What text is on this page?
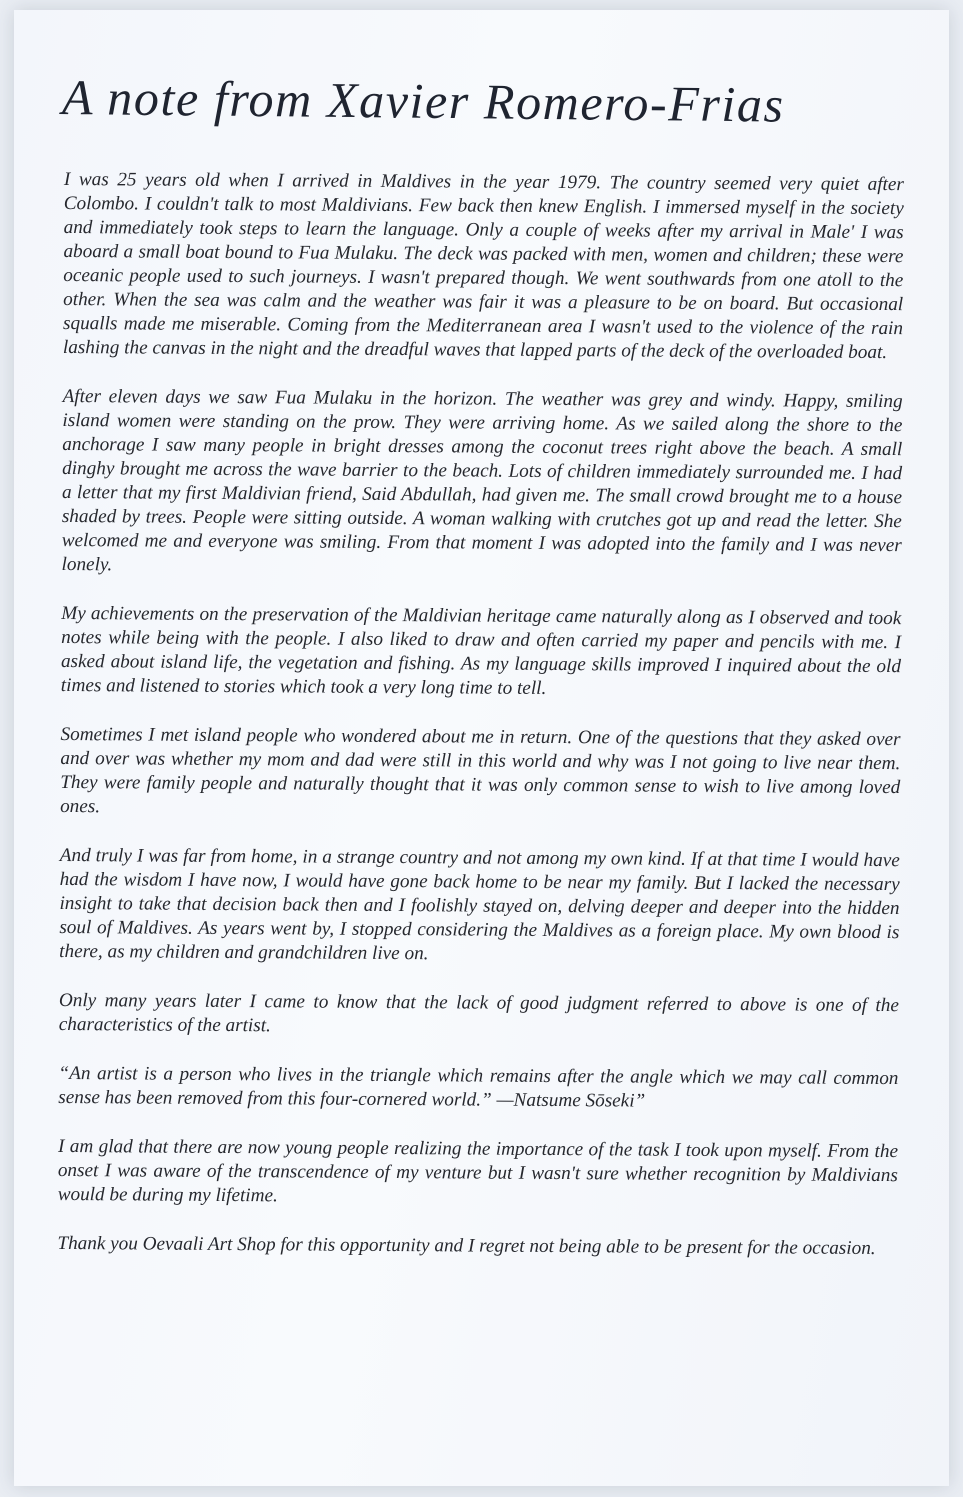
A note from Xavier Romero-Frias

I was 25 years old when I arrived in Maldives in the year 1979. The country seemed very quiet after Colombo. I couldn't talk to most Maldivians. Few back then knew English. I immersed myself in the society and immediately took steps to learn the language. Only a couple of weeks after my arrival in Male' I was aboard a small boat bound to Fua Mulaku. The deck was packed with men, women and children; these were oceanic people used to such journeys. I wasn't prepared though. We went southwards from one atoll to the other. When the sea was calm and the weather was fair it was a pleasure to be on board. But occasional squalls made me miserable. Coming from the Mediterranean area I wasn't used to the violence of the rain lashing the canvas in the night and the dreadful waves that lapped parts of the deck of the overloaded boat.

After eleven days we saw Fua Mulaku in the horizon. The weather was grey and windy. Happy, smiling island women were standing on the prow. They were arriving home. As we sailed along the shore to the anchorage I saw many people in bright dresses among the coconut trees right above the beach. A small dinghy brought me across the wave barrier to the beach. Lots of children immediately surrounded me. I had a letter that my first Maldivian friend, Said Abdullah, had given me. The small crowd brought me to a house shaded by trees. People were sitting outside. A woman walking with crutches got up and read the letter. She welcomed me and everyone was smiling. From that moment I was adopted into the family and I was never lonely.

My achievements on the preservation of the Maldivian heritage came naturally along as I observed and took notes while being with the people. I also liked to draw and often carried my paper and pencils with me. I asked about island life, the vegetation and fishing. As my language skills improved I inquired about the old times and listened to stories which took a very long time to tell.

Sometimes I met island people who wondered about me in return. One of the questions that they asked over and over was whether my mom and dad were still in this world and why was I not going to live near them. They were family people and naturally thought that it was only common sense to wish to live among loved ones.

And truly I was far from home, in a strange country and not among my own kind. If at that time I would have had the wisdom I have now, I would have gone back home to be near my family. But I lacked the necessary insight to take that decision back then and I foolishly stayed on, delving deeper and deeper into the hidden soul of Maldives. As years went by, I stopped considering the Maldives as a foreign place. My own blood is there, as my children and grandchildren live on.

Only many years later I came to know that the lack of good judgment referred to above is one of the characteristics of the artist.

“An artist is a person who lives in the triangle which remains after the angle which we may call common sense has been removed from this four-cornered world.” —Natsume Sōseki”

I am glad that there are now young people realizing the importance of the task I took upon myself. From the onset I was aware of the transcendence of my venture but I wasn't sure whether recognition by Maldivians would be during my lifetime.

Thank you Oevaali Art Shop for this opportunity and I regret not being able to be present for the occasion.
